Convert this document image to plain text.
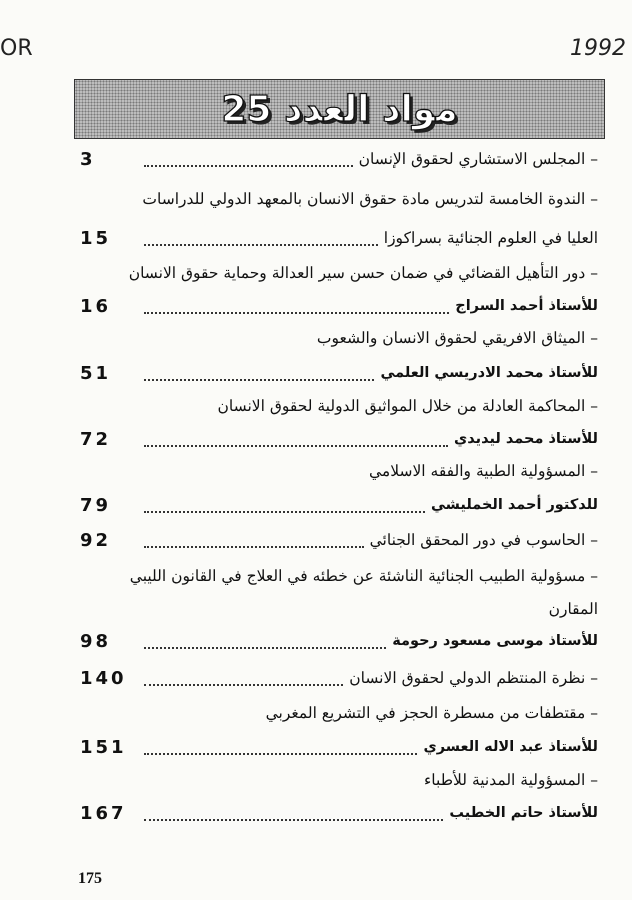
OR	1992
مواد العدد 25
– المجلس الاستشاري لحقوق الإنسان
3
– الندوة الخامسة لتدريس مادة حقوق الانسان بالمعهد الدولي للدراسات
العليا في العلوم الجنائية بسراكوزا
15
– دور التأهيل القضائي في ضمان حسن سير العدالة وحماية حقوق الانسان
للأستاذ أحمد السراج
16
– الميثاق الافريقي لحقوق الانسان والشعوب
للأستاذ محمد الادريسي العلمي
51
– المحاكمة العادلة من خلال المواثيق الدولية لحقوق الانسان
للأستاذ محمد ليديدي
72
– المسؤولية الطبية والفقه الاسلامي
للدكتور أحمد الخمليشي
79
– الحاسوب في دور المحقق الجنائي
92
– مسؤولية الطبيب الجنائية الناشئة عن خطئه في العلاج في القانون الليبي
المقارن
للأستاذ موسى مسعود رحومة
98
– نظرة المنتظم الدولي لحقوق الانسان
140
– مقتطفات من مسطرة الحجز في التشريع المغربي
للأستاذ عبد الاله العسري
151
– المسؤولية المدنية للأطباء
للأستاذ حاتم الخطيب
167
175
